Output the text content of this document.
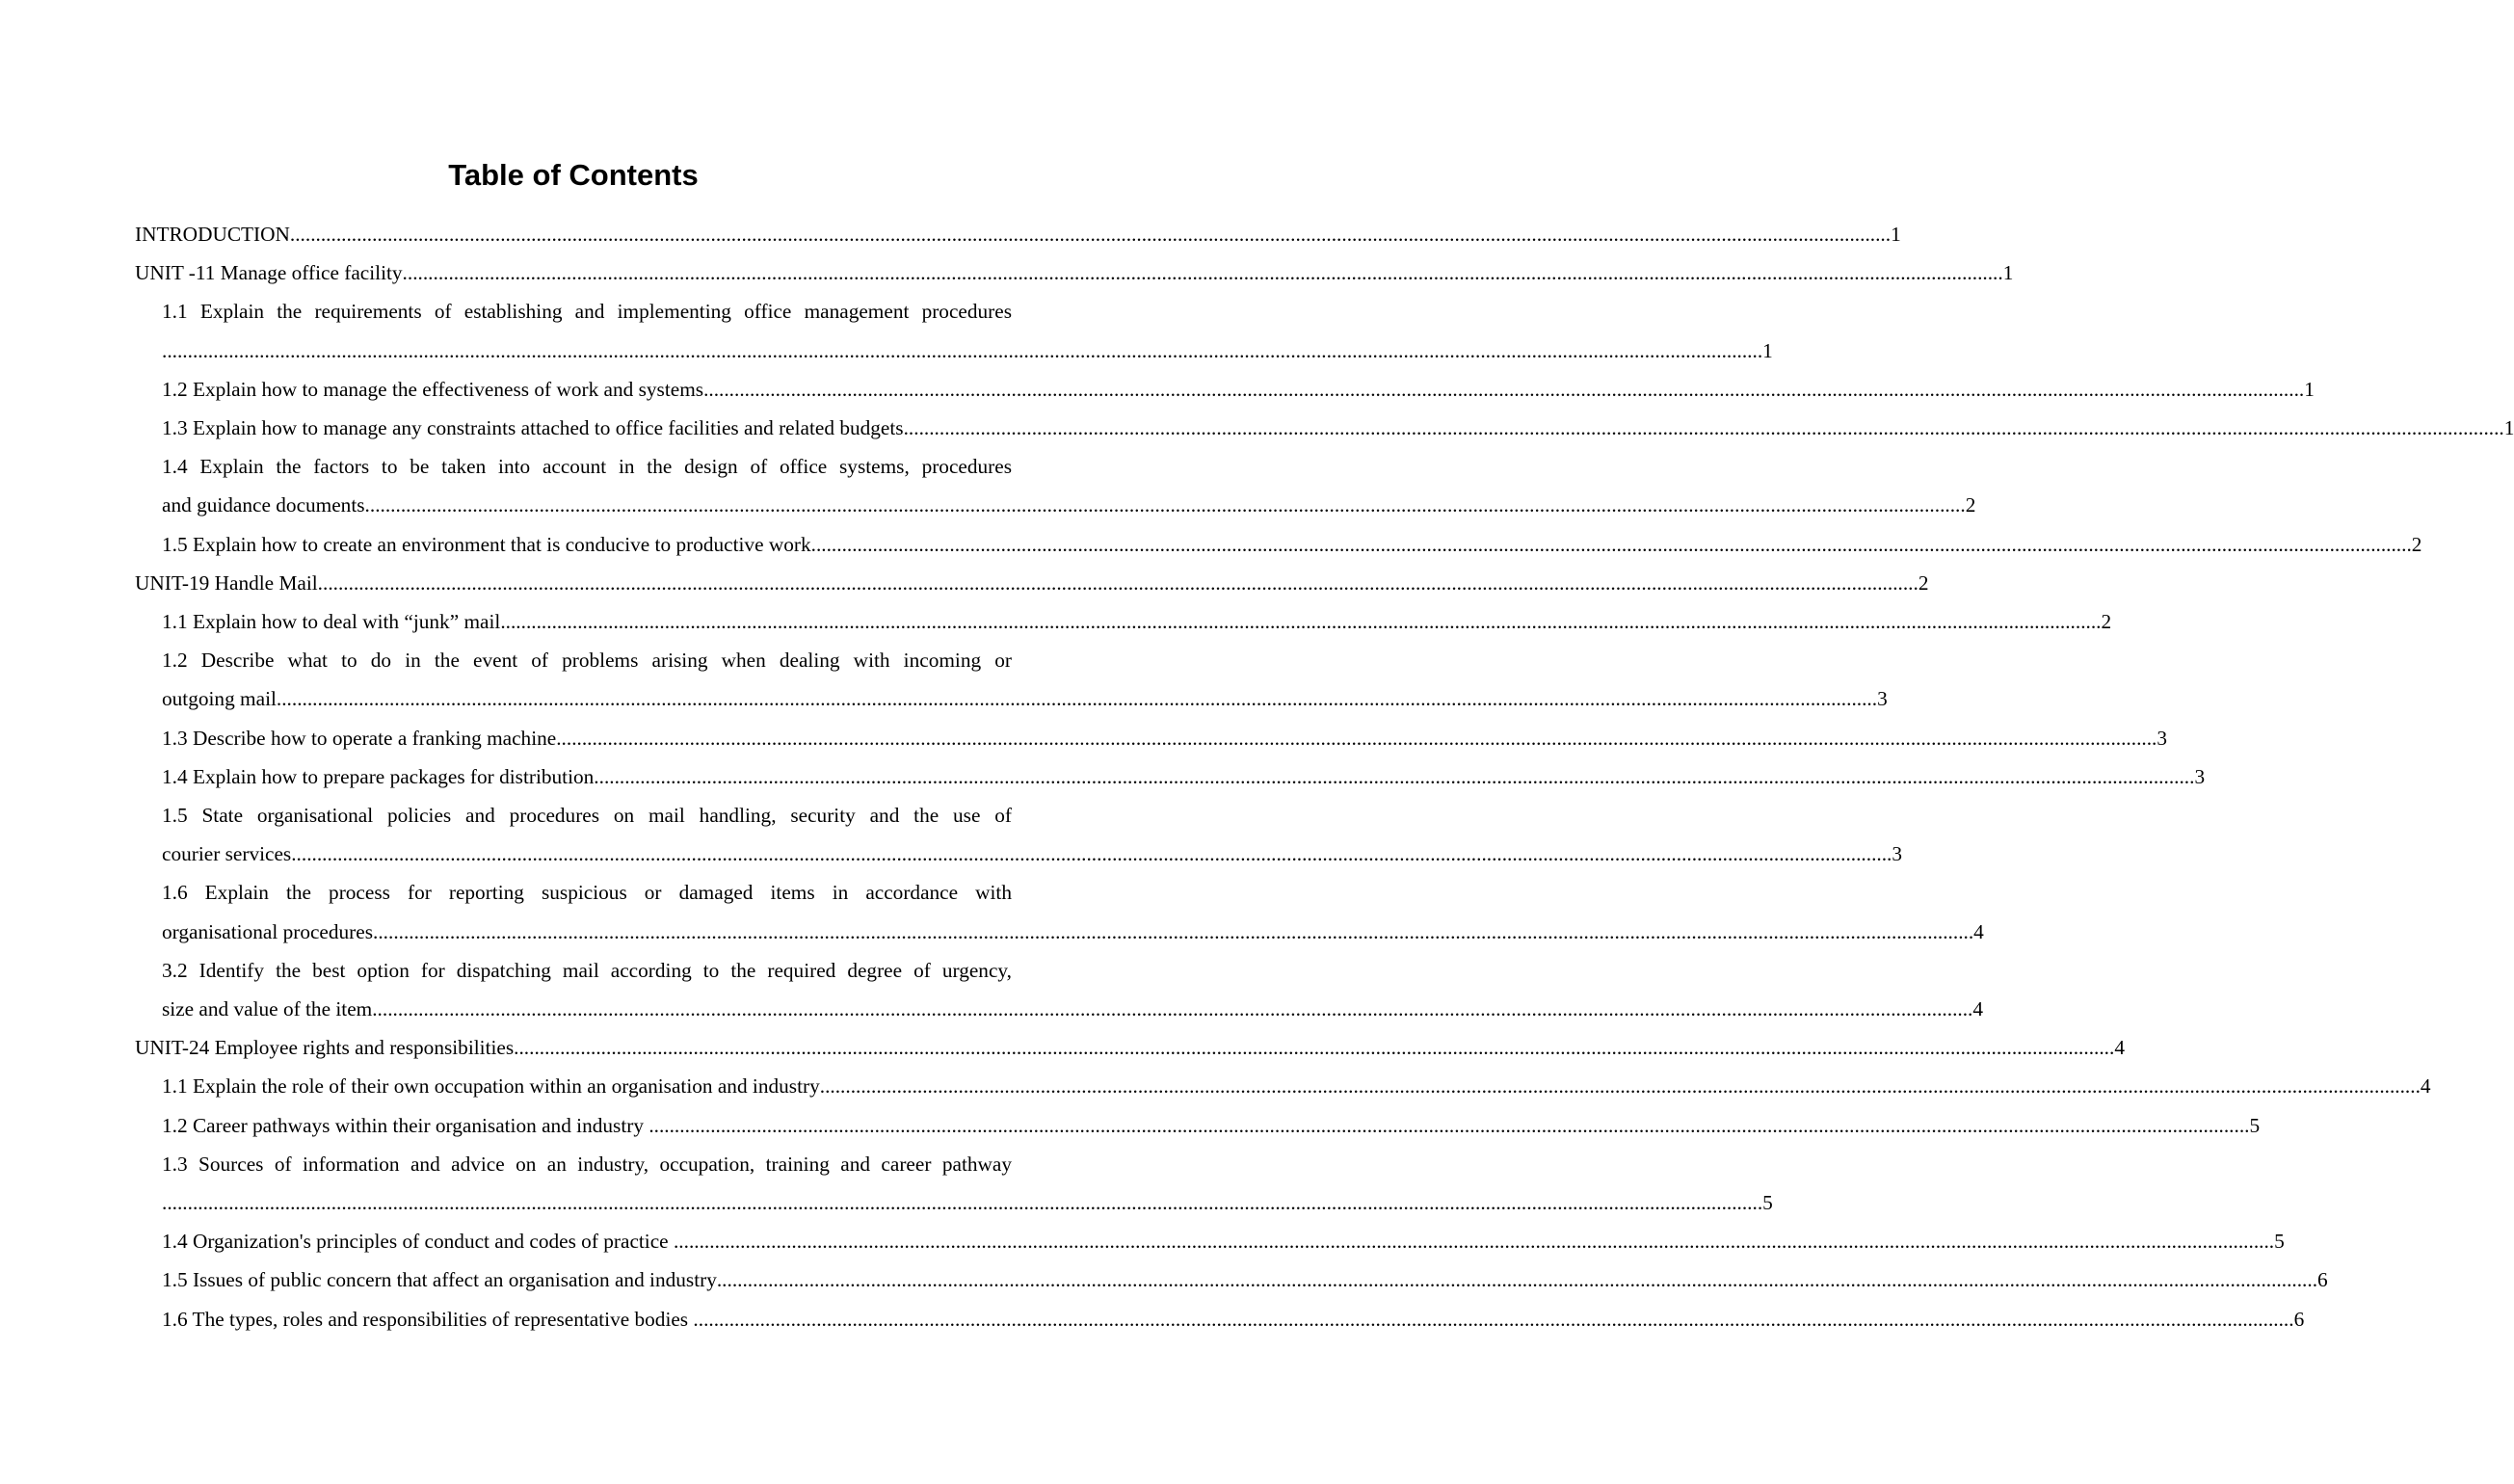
Table of Contents
INTRODUCTION ........................................................................................................................................................................................................................................................................................................................ 1
UNIT -11 Manage office facility ........................................................................................................................................................................................................................................................................................................................ 1
1.1 Explain the requirements of establishing and implementing office management procedures
........................................................................................................................................................................................................................................................................................................................ 1
1.2 Explain how to manage the effectiveness of work and systems ........................................................................................................................................................................................................................................................................................................................ 1
1.3 Explain how to manage any constraints attached to office facilities and related budgets ........................................................................................................................................................................................................................................................................................................................ 1
1.4 Explain the factors to be taken into account in the design of office systems, procedures
and guidance documents ........................................................................................................................................................................................................................................................................................................................ 2
1.5 Explain how to create an environment that is conducive to productive work ........................................................................................................................................................................................................................................................................................................................ 2
UNIT-19 Handle Mail ........................................................................................................................................................................................................................................................................................................................ 2
1.1 Explain how to deal with “junk” mail ........................................................................................................................................................................................................................................................................................................................ 2
1.2 Describe what to do in the event of problems arising when dealing with incoming or
outgoing mail ........................................................................................................................................................................................................................................................................................................................ 3
1.3 Describe how to operate a franking machine ........................................................................................................................................................................................................................................................................................................................ 3
1.4 Explain how to prepare packages for distribution ........................................................................................................................................................................................................................................................................................................................ 3
1.5 State organisational policies and procedures on mail handling, security and the use of
courier services ........................................................................................................................................................................................................................................................................................................................ 3
1.6 Explain the process for reporting suspicious or damaged items in accordance with
organisational procedures ........................................................................................................................................................................................................................................................................................................................ 4
3.2 Identify the best option for dispatching mail according to the required degree of urgency,
size and value of the item ........................................................................................................................................................................................................................................................................................................................ 4
UNIT-24 Employee rights and responsibilities ........................................................................................................................................................................................................................................................................................................................ 4
1.1 Explain the role of their own occupation within an organisation and industry ........................................................................................................................................................................................................................................................................................................................ 4
1.2 Career pathways within their organisation and industry ........................................................................................................................................................................................................................................................................................................................ 5
1.3 Sources of information and advice on an industry, occupation, training and career pathway
........................................................................................................................................................................................................................................................................................................................ 5
1.4 Organization's principles of conduct and codes of practice ........................................................................................................................................................................................................................................................................................................................ 5
1.5 Issues of public concern that affect an organisation and industry ........................................................................................................................................................................................................................................................................................................................ 6
1.6 The types, roles and responsibilities of representative bodies ........................................................................................................................................................................................................................................................................................................................ 6
